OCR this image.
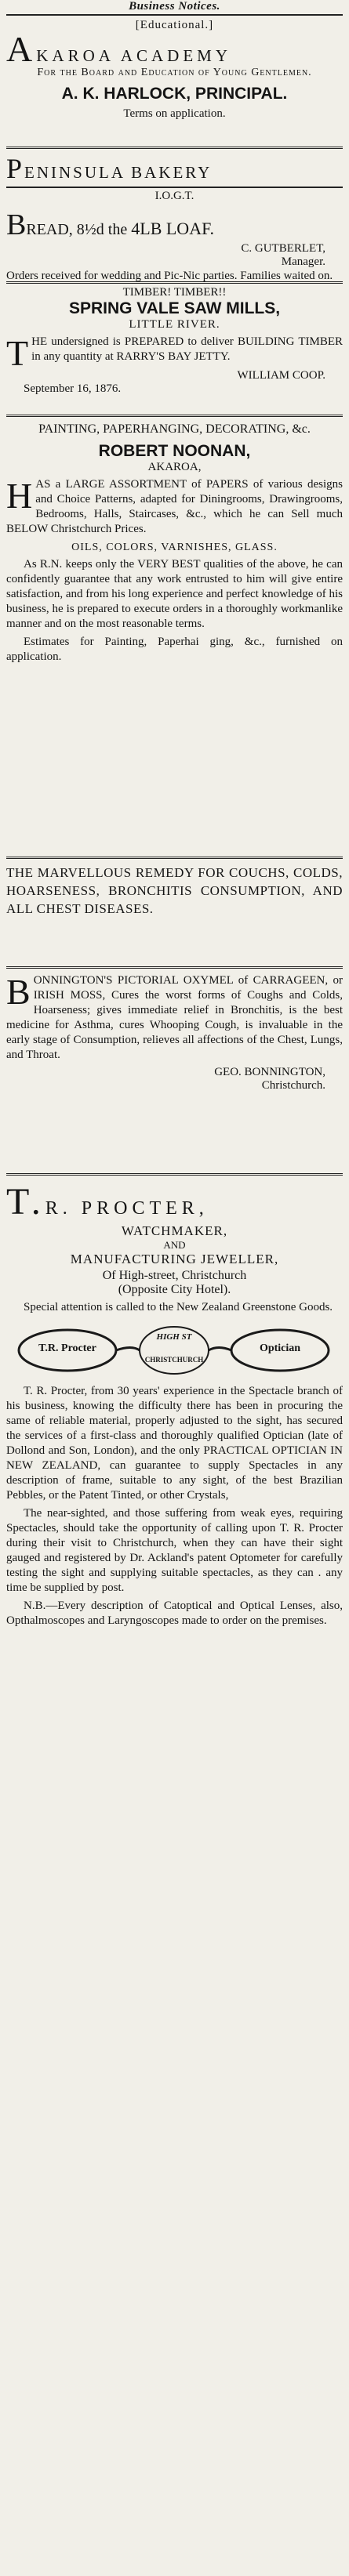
Business Notices.
[Educational.]
AKAROA ACADEMY
For the Board and Education of Young Gentlemen.
A. K. HARLOCK, PRINCIPAL.
Terms on application.
PENINSULA BAKERY
I.O.G.T.
BREAD, 8½d the 4LB LOAF.
C. GUTBERLET,
Manager.

Orders received for wedding and Pic-Nic parties. Families waited on.

TIMBER! TIMBER!!
SPRING VALE SAW MILLS,
LITTLE RIVER.

THE undersigned is PREPARED to deliver BUILDING TIMBER in any quantity at RARRY'S BAY JETTY.

WILLIAM COOP.
September 16, 1876.
PAINTING, PAPERHANGING, DECORATING, &c.
ROBERT NOONAN,
AKAROA,

HAS a LARGE ASSORTMENT of PAPERS of various designs and Choice Patterns, adapted for Diningrooms, Drawingrooms, Bedrooms, Halls, Staircases, &c., which he can Sell much BELOW Christchurch Prices.

OILS, COLORS, VARNISHES, GLASS.

As R.N. keeps only the VERY BEST qualities of the above, he can confidently guarantee that any work entrusted to him will give entire satisfaction, and from his long experience and perfect knowledge of his business, he is prepared to execute orders in a thoroughly workmanlike manner and on the most reasonable terms.

Estimates for Painting, Paperhai ging, &c., furnished on application.

THE MARVELLOUS REMEDY FOR COUCHS, COLDS, HOARSENESS, BRONCHITIS CONSUMPTION, AND ALL CHEST DISEASES.

BONNINGTON'S PICTORIAL OXYMEL of CARRAGEEN, or IRISH MOSS, Cures the worst forms of Coughs and Colds, Hoarseness; gives immediate relief in Bronchitis, is the best medicine for Asthma, cures Whooping Cough, is invaluable in the early stage of Consumption, relieves all affections of the Chest, Lungs, and Throat.

GEO. BONNINGTON,
Christchurch.
T.R. PROCTER,
WATCHMAKER,
AND
MANUFACTURING JEWELLER,
Of High-street, Christchurch
(Opposite City Hotel).

Special attention is called to the New Zealand Greenstone Goods.

T.R. Procter	Optician
HIGH ST
CHRISTCHURCH

T. R. Procter, from 30 years' experience in the Spectacle branch of his business, knowing the difficulty there has been in procuring the same of reliable material, properly adjusted to the sight, has secured the services of a first-class and thoroughly qualified Optician (late of Dollond and Son, London), and the only PRACTICAL OPTICIAN IN NEW ZEALAND, can guarantee to supply Spectacles in any description of frame, suitable to any sight, of the best Brazilian Pebbles, or the Patent Tinted, or other Crystals,

The near-sighted, and those suffering from weak eyes, requiring Spectacles, should take the opportunity of calling upon T. R. Procter during their visit to Christchurch, when they can have their sight gauged and registered by Dr. Ackland's patent Optometer for carefully testing the sight and supplying suitable spectacles, as they can . any time be supplied by post.

N.B.—Every description of Catoptical and Optical Lenses, also, Opthalmoscopes and Laryngoscopes made to order on the premises.
